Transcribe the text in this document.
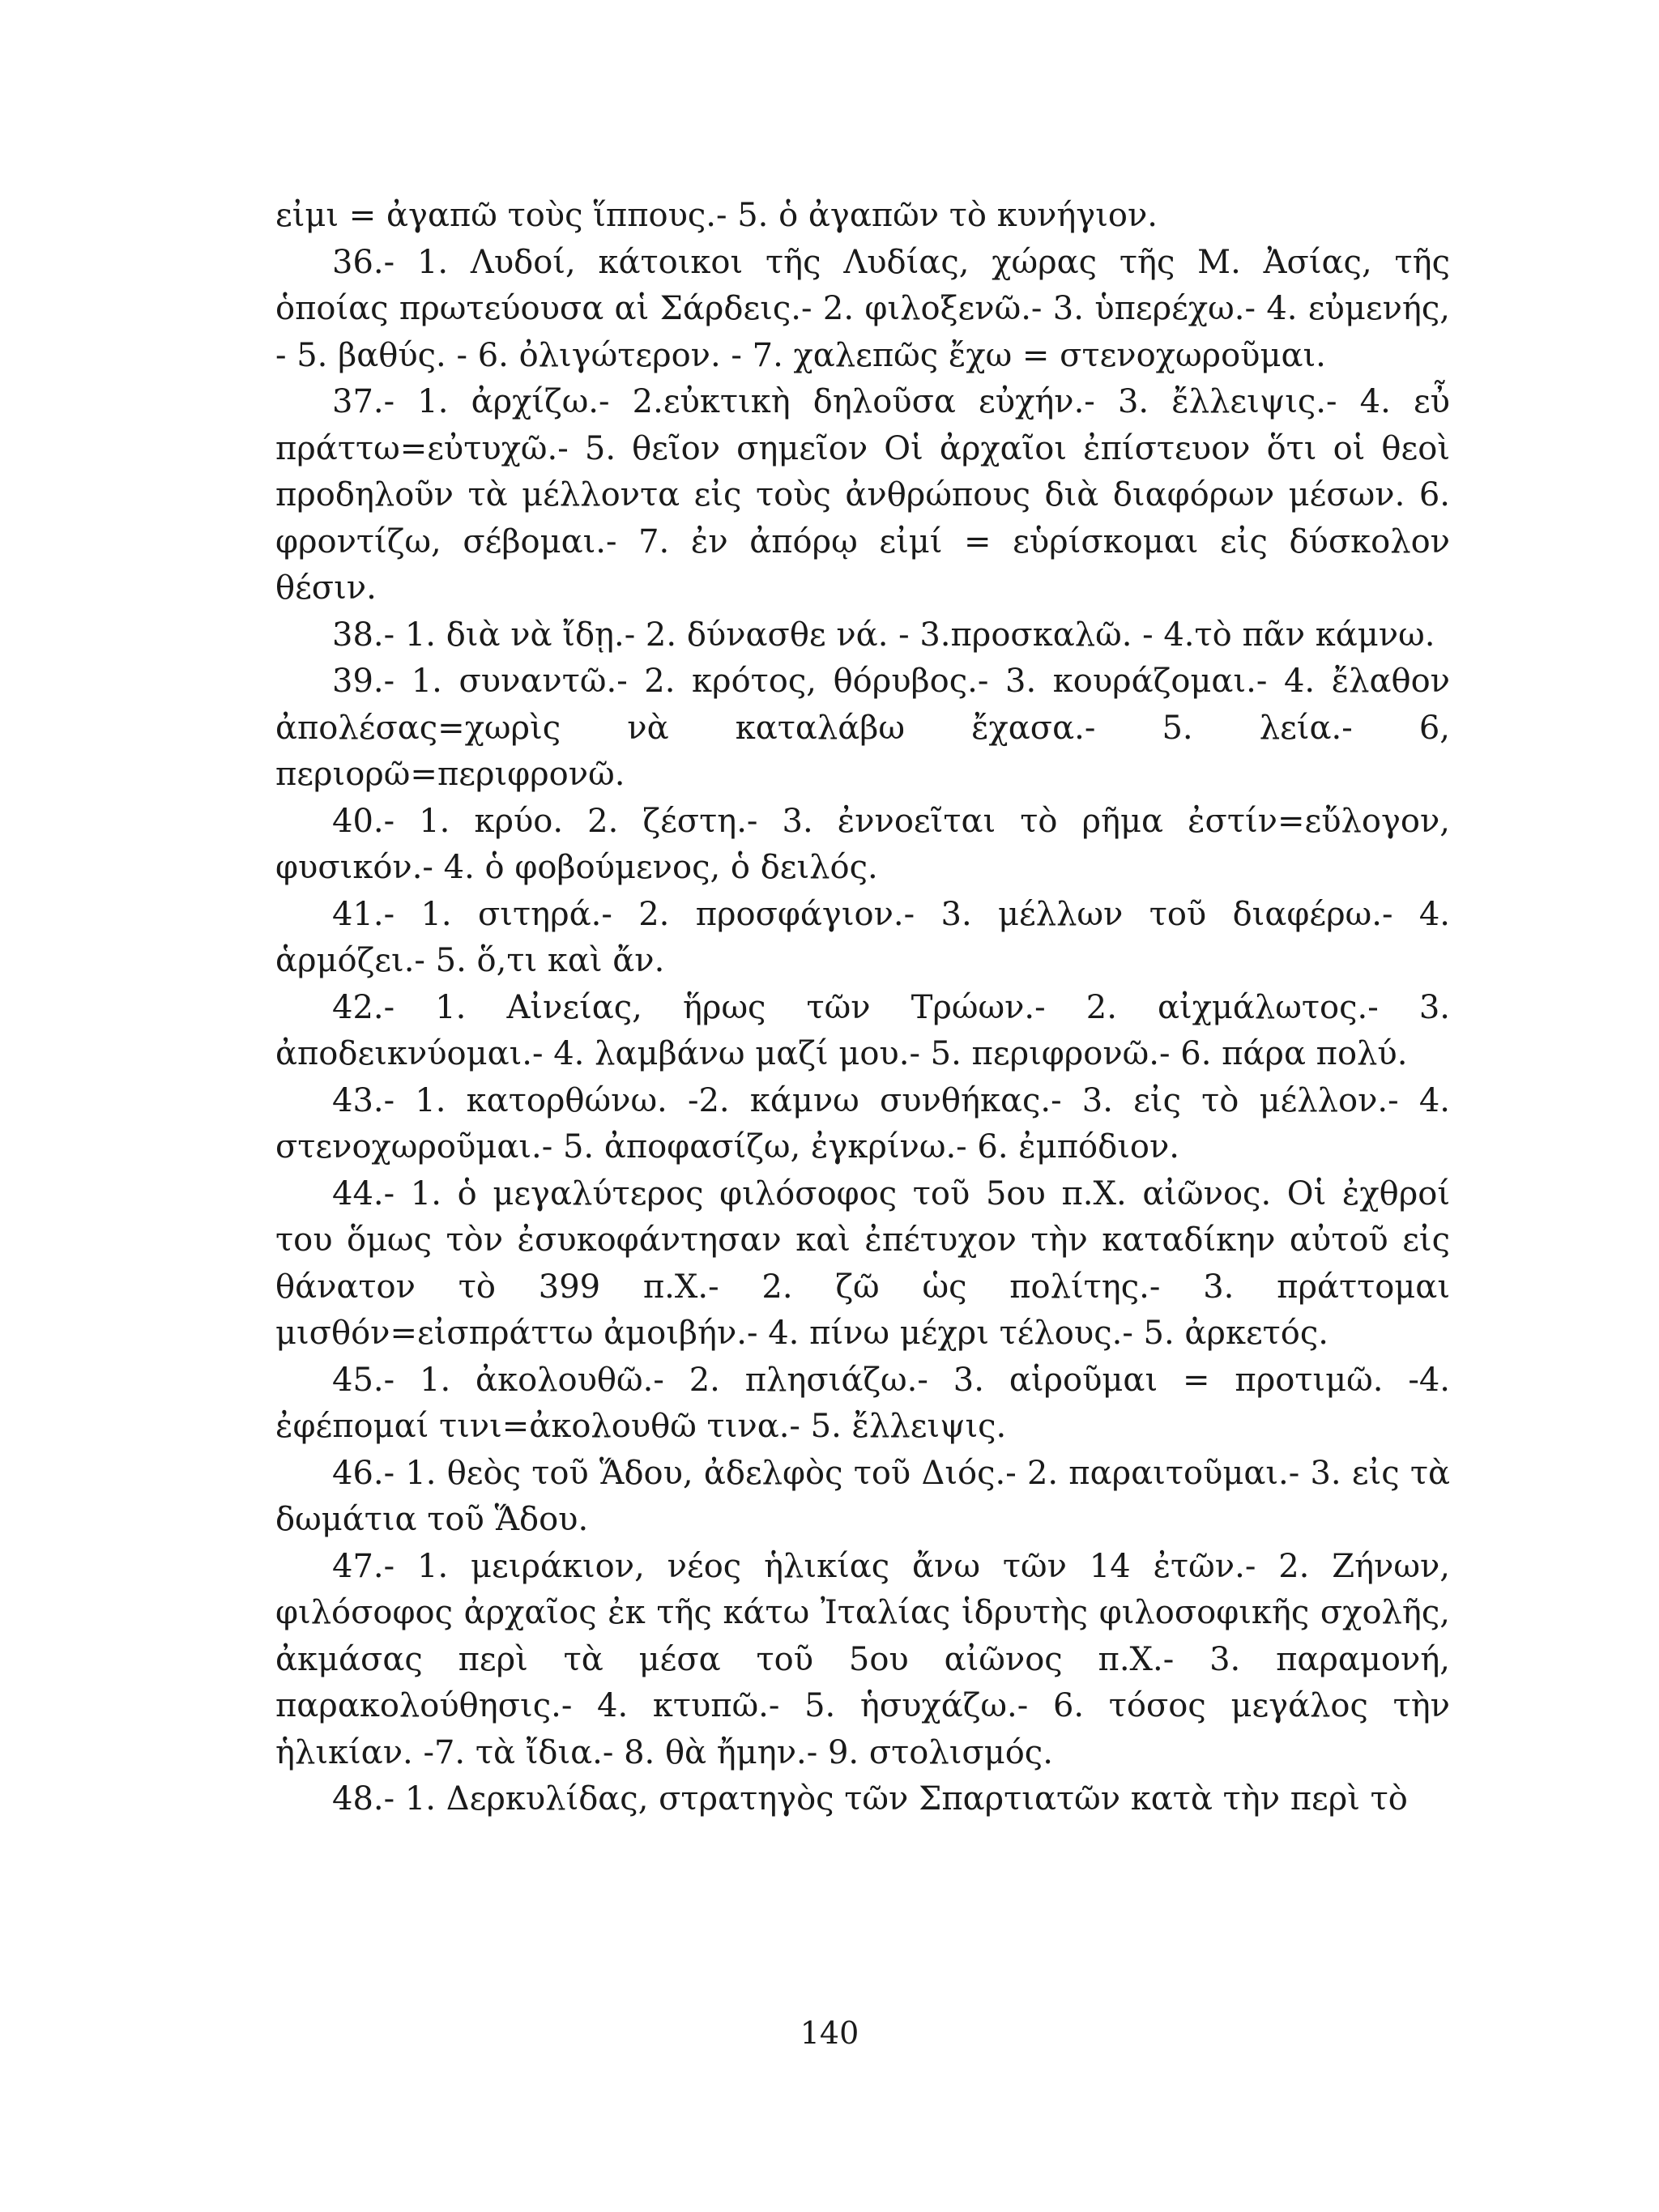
εἰμι = ἀγαπῶ τοὺς ἵππους.- 5. ὁ ἀγαπῶν τὸ κυνήγιον.

36.- 1. Λυδοί, κάτοικοι τῆς Λυδίας, χώρας τῆς Μ. Ἀσίας, τῆς ὁποίας πρωτεύουσα αἱ Σάρδεις.- 2. φιλοξενῶ.- 3. ὑπερέχω.- 4. εὐμενής, - 5. βαθύς. - 6. ὀλιγώτερον. - 7. χαλεπῶς ἔχω = στενοχωροῦμαι.

37.- 1. ἀρχίζω.- 2.εὐκτικὴ δηλοῦσα εὐχήν.- 3. ἔλλειψις.- 4. εὖ πράττω=εὐτυχῶ.- 5. θεῖον σημεῖον Οἱ ἀρχαῖοι ἐπίστευον ὅτι οἱ θεοὶ προδηλοῦν τὰ μέλλοντα εἰς τοὺς ἀνθρώπους διὰ διαφόρων μέσων. 6. φροντίζω, σέβομαι.- 7. ἐν ἀπόρῳ εἰμί = εὑρίσκομαι εἰς δύσκολον θέσιν.

38.- 1. διὰ νὰ ἴδῃ.- 2. δύνασθε νά. - 3.προσκαλῶ. - 4.τὸ πᾶν κάμνω.

39.- 1. συναντῶ.- 2. κρότος, θόρυβος.- 3. κουράζομαι.- 4. ἔλαθον ἀπολέσας=χωρὶς νὰ καταλάβω ἔχασα.- 5. λεία.- 6, περιορῶ=περιφρονῶ.

40.- 1. κρύο. 2. ζέστη.- 3. ἐννοεῖται τὸ ρῆμα ἐστίν=εὔλογον, φυσικόν.- 4. ὁ φοβούμενος, ὁ δειλός.

41.- 1. σιτηρά.- 2. προσφάγιον.- 3. μέλλων τοῦ διαφέρω.- 4. ἁρμόζει.- 5. ὅ,τι καὶ ἄν.

42.- 1. Αἰνείας, ἥρως τῶν Τρώων.- 2. αἰχμάλωτος.- 3. ἀποδεικνύομαι.- 4. λαμβάνω μαζί μου.- 5. περιφρονῶ.- 6. πάρα πολύ.

43.- 1. κατορθώνω. -2. κάμνω συνθήκας.- 3. εἰς τὸ μέλλον.- 4. στενοχωροῦμαι.- 5. ἀποφασίζω, ἐγκρίνω.- 6. ἐμπόδιον.

44.- 1. ὁ μεγαλύτερος φιλόσοφος τοῦ 5ου π.Χ. αἰῶνος. Οἱ ἐχθροί του ὅμως τὸν ἐσυκοφάντησαν καὶ ἐπέτυχον τὴν καταδίκην αὐτοῦ εἰς θάνατον τὸ 399 π.Χ.- 2. ζῶ ὡς πολίτης.- 3. πράττομαι μισθόν=εἰσπράττω ἀμοιβήν.- 4. πίνω μέχρι τέλους.- 5. ἀρκετός.

45.- 1. ἀκολουθῶ.- 2. πλησιάζω.- 3. αἱροῦμαι = προτιμῶ. -4. ἐφέπομαί τινι=ἀκολουθῶ τινα.- 5. ἔλλειψις.

46.- 1. θεὸς τοῦ Ἅδου, ἀδελφὸς τοῦ Διός.- 2. παραιτοῦμαι.- 3. εἰς τὰ δωμάτια τοῦ Ἅδου.

47.- 1. μειράκιον, νέος ἡλικίας ἄνω τῶν 14 ἐτῶν.- 2. Ζήνων, φιλόσοφος ἀρχαῖος ἐκ τῆς κάτω Ἰταλίας ἱδρυτὴς φιλοσοφικῆς σχολῆς, ἀκμάσας περὶ τὰ μέσα τοῦ 5ου αἰῶνος π.Χ.- 3. παραμονή, παρακολούθησις.- 4. κτυπῶ.- 5. ἡσυχάζω.- 6. τόσος μεγάλος τὴν ἡλικίαν. -7. τὰ ἴδια.- 8. θὰ ἤμην.- 9. στολισμός.

48.- 1. Δερκυλίδας, στρατηγὸς τῶν Σπαρτιατῶν κατὰ τὴν περὶ τὸ

140
